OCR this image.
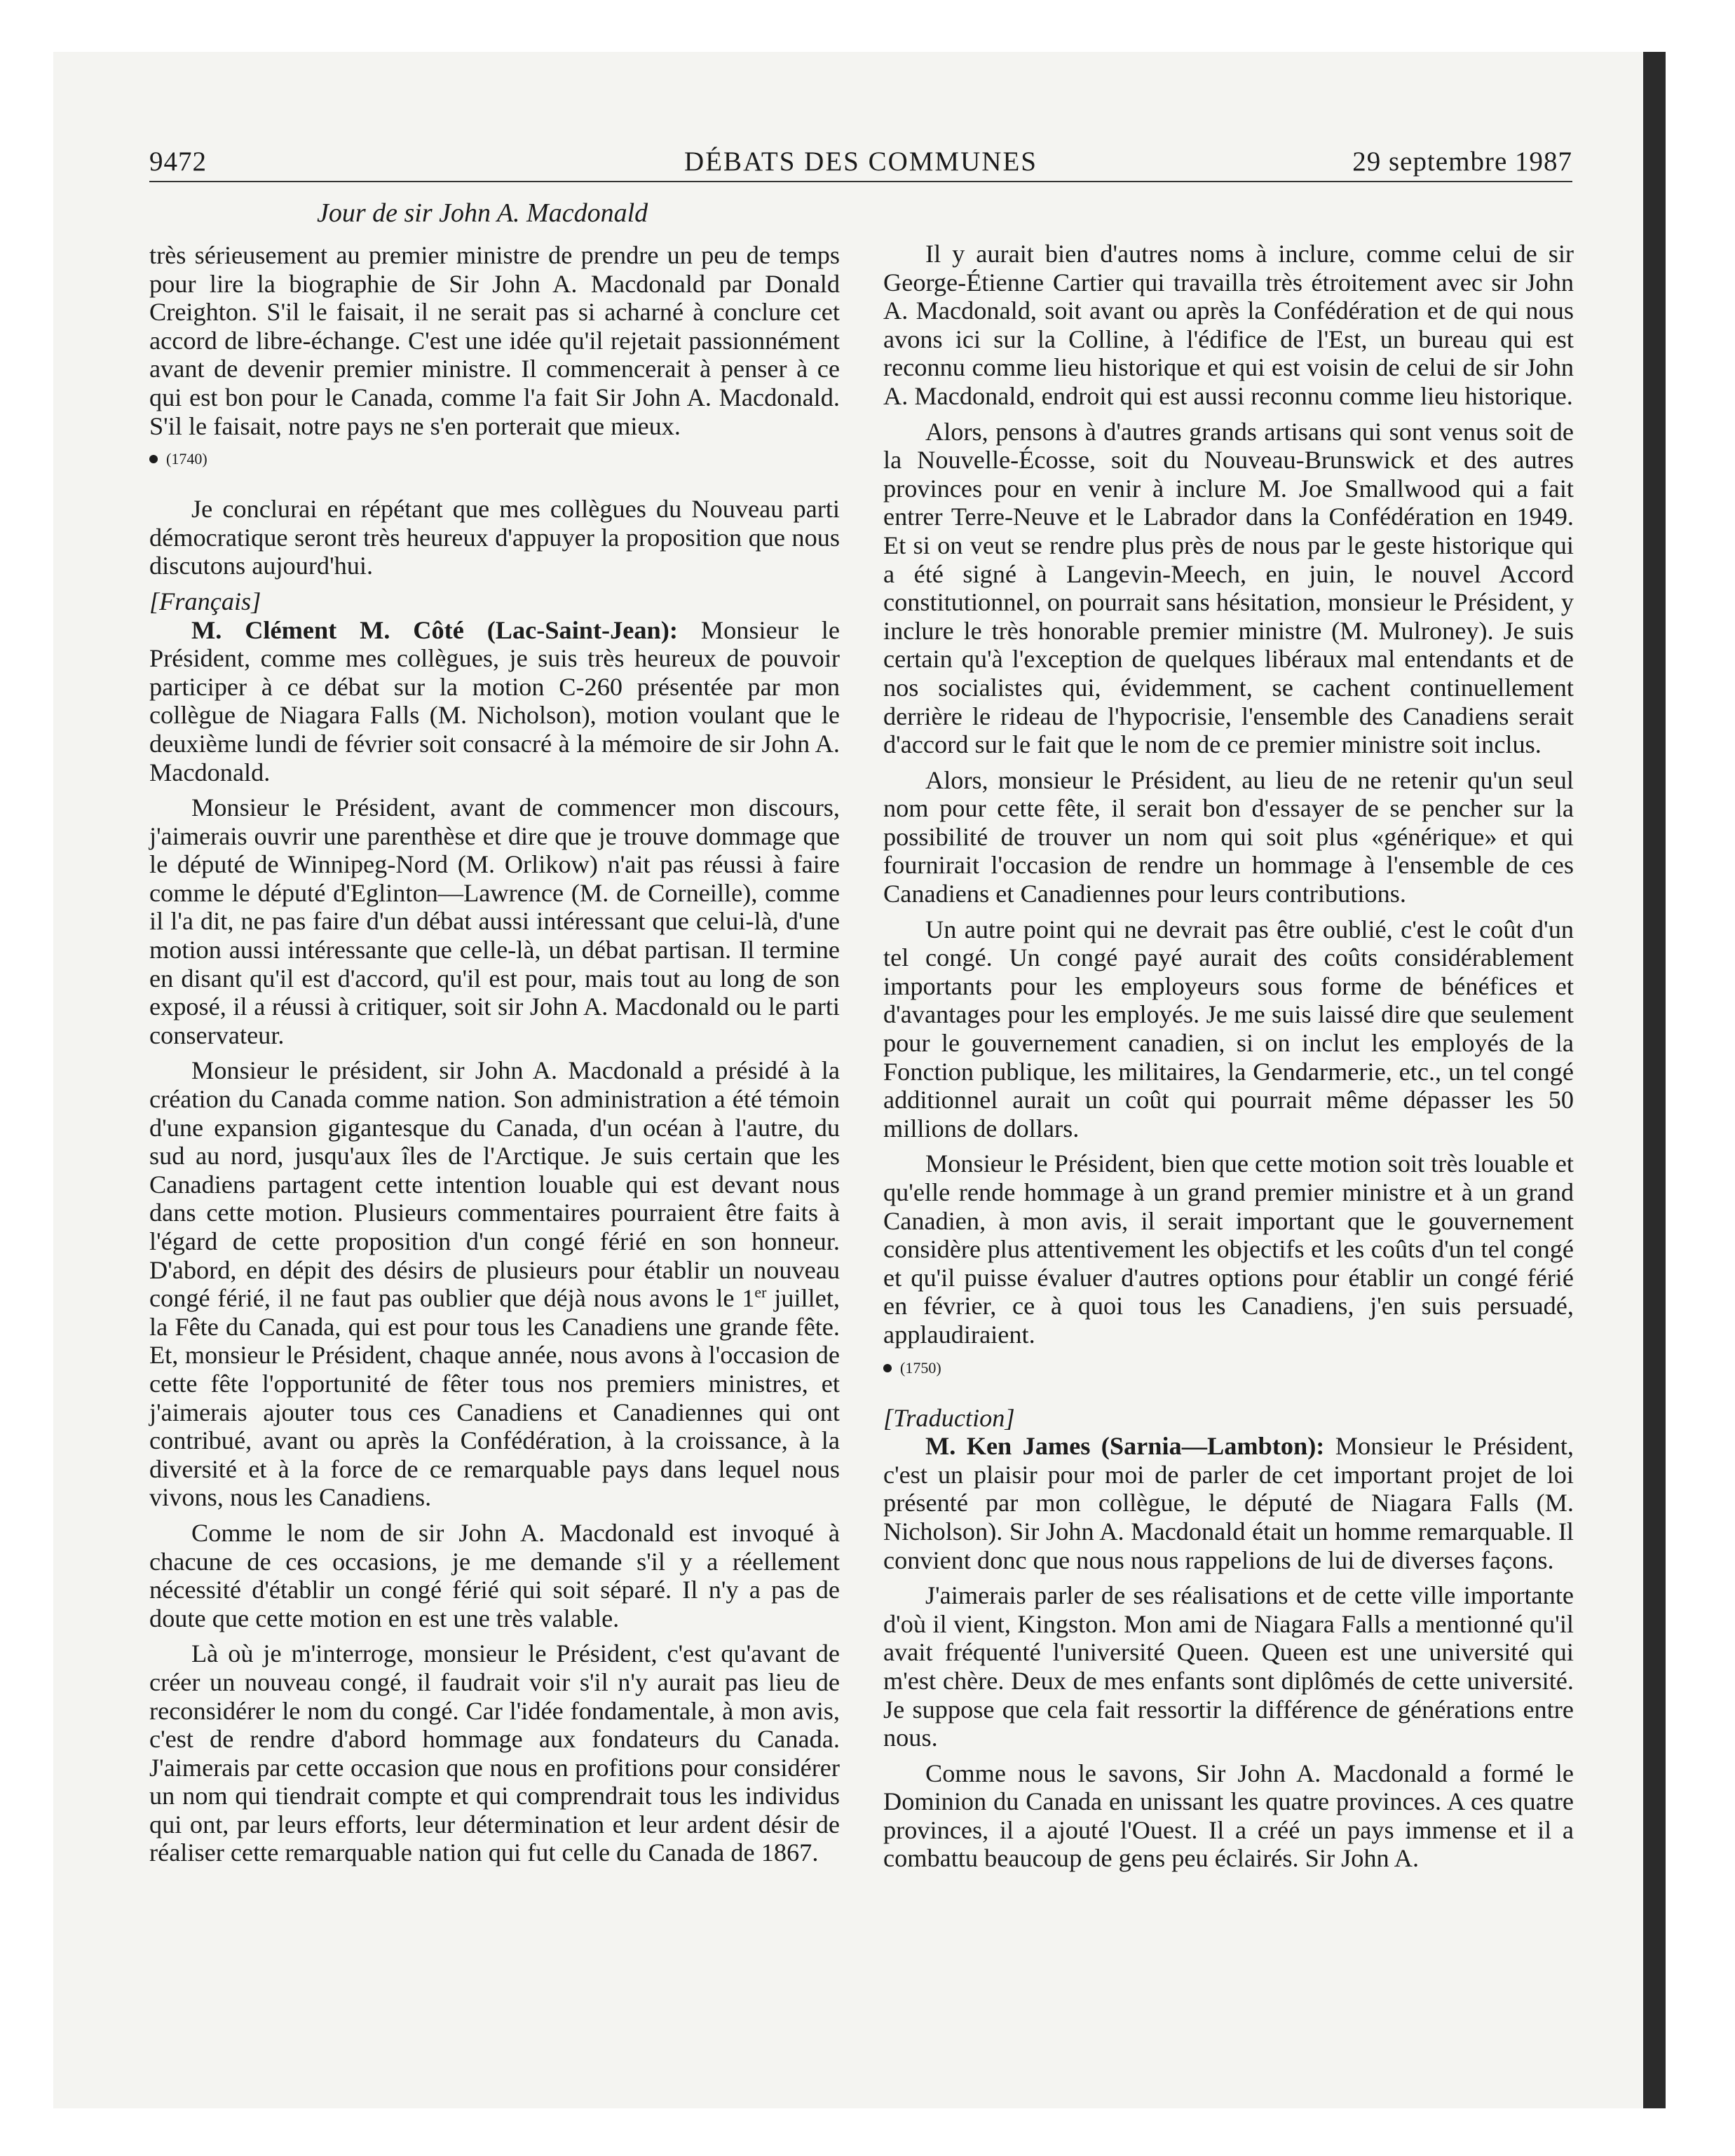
9472	DÉBATS DES COMMUNES	29 septembre 1987
Jour de sir John A. Macdonald

très sérieusement au premier ministre de prendre un peu de temps pour lire la biographie de Sir John A. Macdonald par Donald Creighton. S'il le faisait, il ne serait pas si acharné à conclure cet accord de libre-échange. C'est une idée qu'il rejetait passionnément avant de devenir premier ministre. Il commencerait à penser à ce qui est bon pour le Canada, comme l'a fait Sir John A. Macdonald. S'il le faisait, notre pays ne s'en porterait que mieux.

(1740)

Je conclurai en répétant que mes collègues du Nouveau parti démocratique seront très heureux d'appuyer la proposition que nous discutons aujourd'hui.

[Français]

M. Clément M. Côté (Lac-Saint-Jean): Monsieur le Président, comme mes collègues, je suis très heureux de pouvoir participer à ce débat sur la motion C-260 présentée par mon collègue de Niagara Falls (M. Nicholson), motion voulant que le deuxième lundi de février soit consacré à la mémoire de sir John A. Macdonald.

Monsieur le Président, avant de commencer mon discours, j'aimerais ouvrir une parenthèse et dire que je trouve dommage que le député de Winnipeg-Nord (M. Orlikow) n'ait pas réussi à faire comme le député d'Eglinton—Lawrence (M. de Corneille), comme il l'a dit, ne pas faire d'un débat aussi intéressant que celui-là, d'une motion aussi intéressante que celle-là, un débat partisan. Il termine en disant qu'il est d'accord, qu'il est pour, mais tout au long de son exposé, il a réussi à critiquer, soit sir John A. Macdonald ou le parti conservateur.

Monsieur le président, sir John A. Macdonald a présidé à la création du Canada comme nation. Son administration a été témoin d'une expansion gigantesque du Canada, d'un océan à l'autre, du sud au nord, jusqu'aux îles de l'Arctique. Je suis certain que les Canadiens partagent cette intention louable qui est devant nous dans cette motion. Plusieurs commentaires pourraient être faits à l'égard de cette proposition d'un congé férié en son honneur. D'abord, en dépit des désirs de plusieurs pour établir un nouveau congé férié, il ne faut pas oublier que déjà nous avons le 1er juillet, la Fête du Canada, qui est pour tous les Canadiens une grande fête. Et, monsieur le Président, chaque année, nous avons à l'occasion de cette fête l'opportunité de fêter tous nos premiers ministres, et j'aimerais ajouter tous ces Canadiens et Canadiennes qui ont contribué, avant ou après la Confédération, à la croissance, à la diversité et à la force de ce remarquable pays dans lequel nous vivons, nous les Canadiens.

Comme le nom de sir John A. Macdonald est invoqué à chacune de ces occasions, je me demande s'il y a réellement nécessité d'établir un congé férié qui soit séparé. Il n'y a pas de doute que cette motion en est une très valable.

Là où je m'interroge, monsieur le Président, c'est qu'avant de créer un nouveau congé, il faudrait voir s'il n'y aurait pas lieu de reconsidérer le nom du congé. Car l'idée fondamentale, à mon avis, c'est de rendre d'abord hommage aux fondateurs du Canada. J'aimerais par cette occasion que nous en profitions pour considérer un nom qui tiendrait compte et qui comprendrait tous les individus qui ont, par leurs efforts, leur détermination et leur ardent désir de réaliser cette remarquable nation qui fut celle du Canada de 1867.

Il y aurait bien d'autres noms à inclure, comme celui de sir George-Étienne Cartier qui travailla très étroitement avec sir John A. Macdonald, soit avant ou après la Confédération et de qui nous avons ici sur la Colline, à l'édifice de l'Est, un bureau qui est reconnu comme lieu historique et qui est voisin de celui de sir John A. Macdonald, endroit qui est aussi reconnu comme lieu historique.

Alors, pensons à d'autres grands artisans qui sont venus soit de la Nouvelle-Écosse, soit du Nouveau-Brunswick et des autres provinces pour en venir à inclure M. Joe Smallwood qui a fait entrer Terre-Neuve et le Labrador dans la Confédération en 1949. Et si on veut se rendre plus près de nous par le geste historique qui a été signé à Langevin-Meech, en juin, le nouvel Accord constitutionnel, on pourrait sans hésitation, monsieur le Président, y inclure le très honorable premier ministre (M. Mulroney). Je suis certain qu'à l'exception de quelques libéraux mal entendants et de nos socialistes qui, évidemment, se cachent continuellement derrière le rideau de l'hypocrisie, l'ensemble des Canadiens serait d'accord sur le fait que le nom de ce premier ministre soit inclus.

Alors, monsieur le Président, au lieu de ne retenir qu'un seul nom pour cette fête, il serait bon d'essayer de se pencher sur la possibilité de trouver un nom qui soit plus «générique» et qui fournirait l'occasion de rendre un hommage à l'ensemble de ces Canadiens et Canadiennes pour leurs contributions.

Un autre point qui ne devrait pas être oublié, c'est le coût d'un tel congé. Un congé payé aurait des coûts considérablement importants pour les employeurs sous forme de bénéfices et d'avantages pour les employés. Je me suis laissé dire que seulement pour le gouvernement canadien, si on inclut les employés de la Fonction publique, les militaires, la Gendarmerie, etc., un tel congé additionnel aurait un coût qui pourrait même dépasser les 50 millions de dollars.

Monsieur le Président, bien que cette motion soit très louable et qu'elle rende hommage à un grand premier ministre et à un grand Canadien, à mon avis, il serait important que le gouvernement considère plus attentivement les objectifs et les coûts d'un tel congé et qu'il puisse évaluer d'autres options pour établir un congé férié en février, ce à quoi tous les Canadiens, j'en suis persuadé, applaudiraient.

(1750)

[Traduction]

M. Ken James (Sarnia—Lambton): Monsieur le Président, c'est un plaisir pour moi de parler de cet important projet de loi présenté par mon collègue, le député de Niagara Falls (M. Nicholson). Sir John A. Macdonald était un homme remarquable. Il convient donc que nous nous rappelions de lui de diverses façons.

J'aimerais parler de ses réalisations et de cette ville importante d'où il vient, Kingston. Mon ami de Niagara Falls a mentionné qu'il avait fréquenté l'université Queen. Queen est une université qui m'est chère. Deux de mes enfants sont diplômés de cette université. Je suppose que cela fait ressortir la différence de générations entre nous.

Comme nous le savons, Sir John A. Macdonald a formé le Dominion du Canada en unissant les quatre provinces. A ces quatre provinces, il a ajouté l'Ouest. Il a créé un pays immense et il a combattu beaucoup de gens peu éclairés. Sir John A.
